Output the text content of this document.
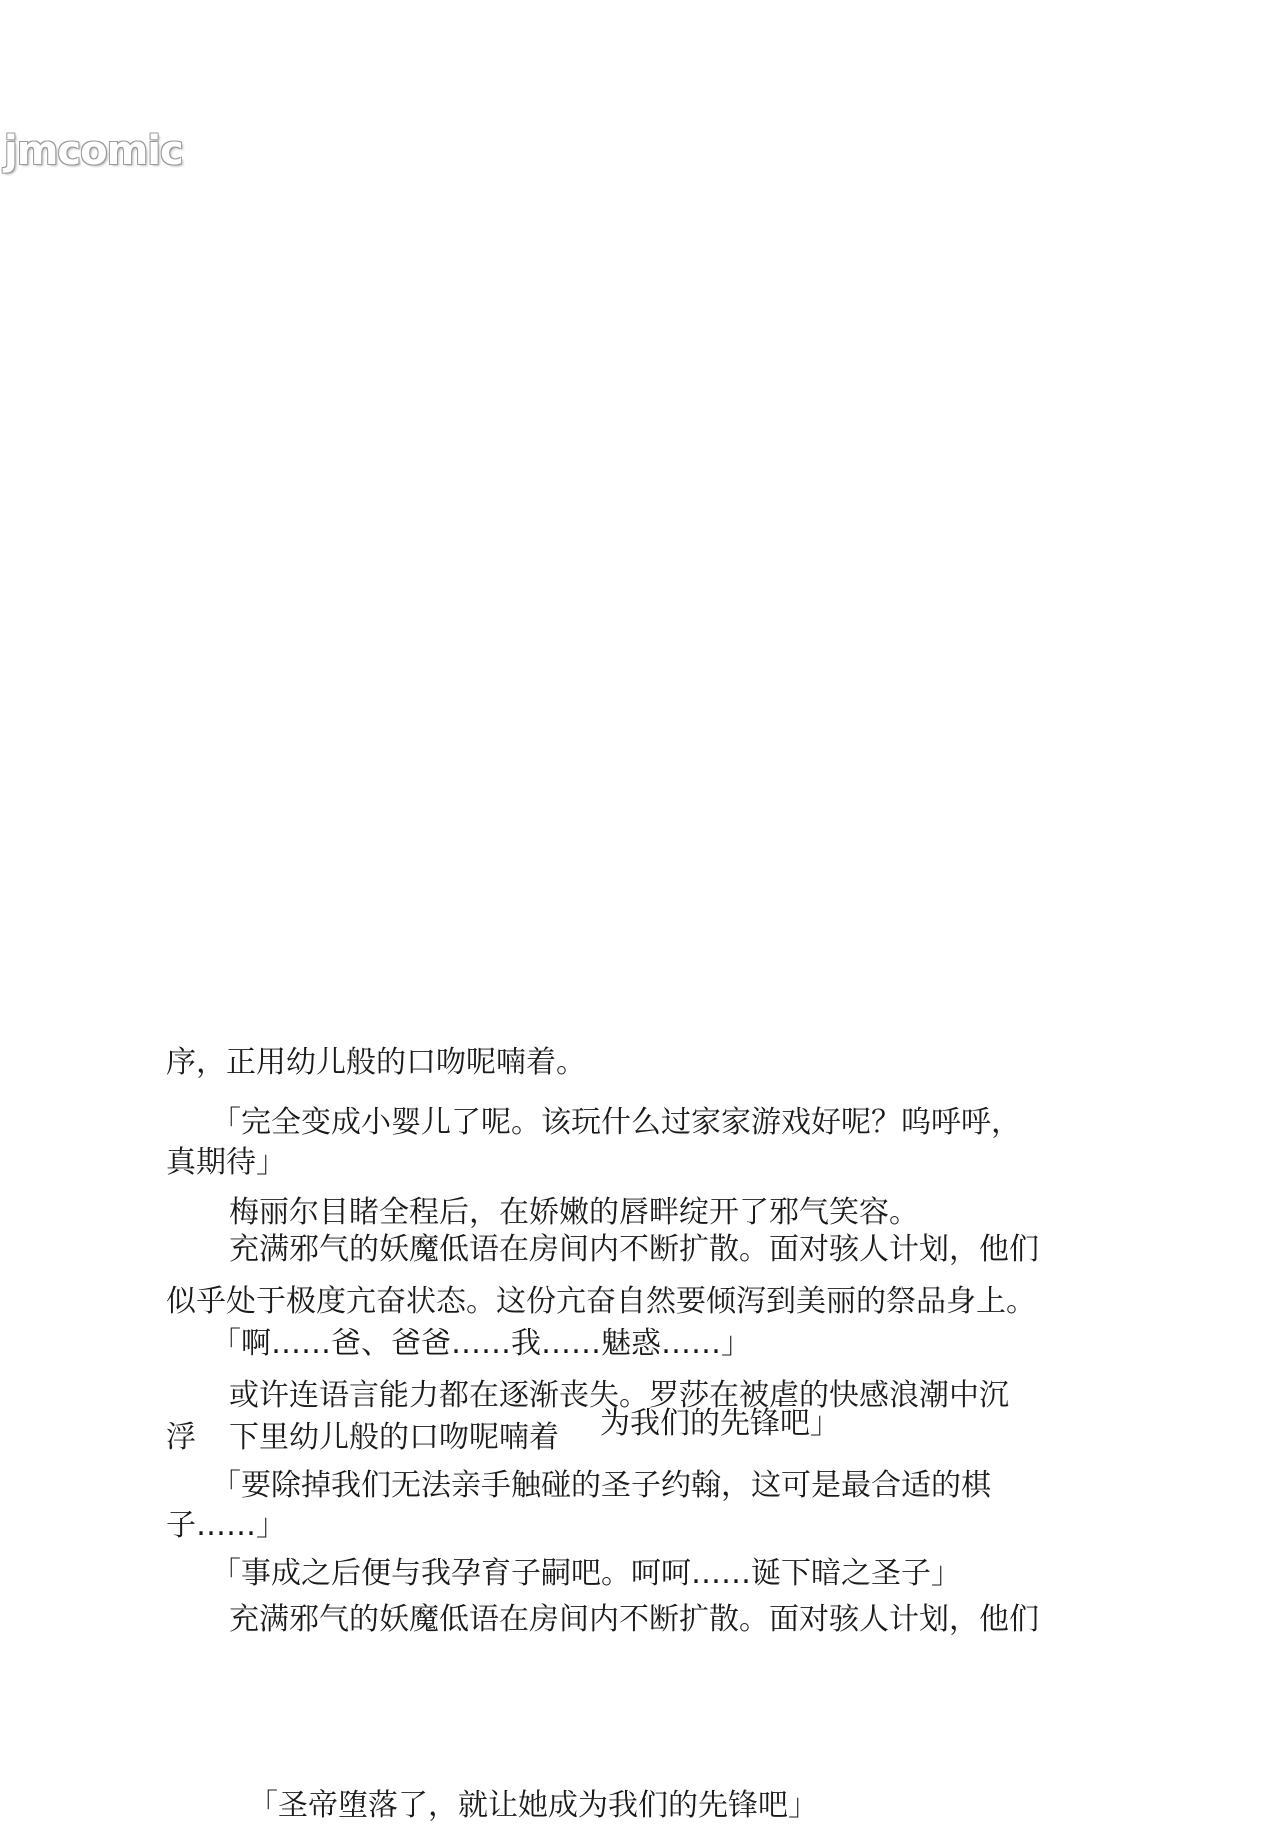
jmcomic
序，正用幼儿般的口吻呢喃着。
「完全变成小婴儿了呢。该玩什么过家家游戏好呢？呜呼呼，
真期待」
梅丽尔目睹全程后，在娇嫩的唇畔绽开了邪气笑容。
充满邪气的妖魔低语在房间内不断扩散。面对骇人计划，他们
似乎处于极度亢奋状态。这份亢奋自然要倾泻到美丽的祭品身上。
「啊……爸、爸爸……我……魅惑……」
或许连语言能力都在逐渐丧失。罗莎在被虐的快感浪潮中沉
浮 下里幼儿般的口吻呢喃着 为我们的先锋吧」
「要除掉我们无法亲手触碰的圣子约翰，这可是最合适的棋
子……」
「事成之后便与我孕育子嗣吧。呵呵……诞下暗之圣子」
充满邪气的妖魔低语在房间内不断扩散。面对骇人计划，他们
「圣帝堕落了，就让她成为我们的先锋吧」
